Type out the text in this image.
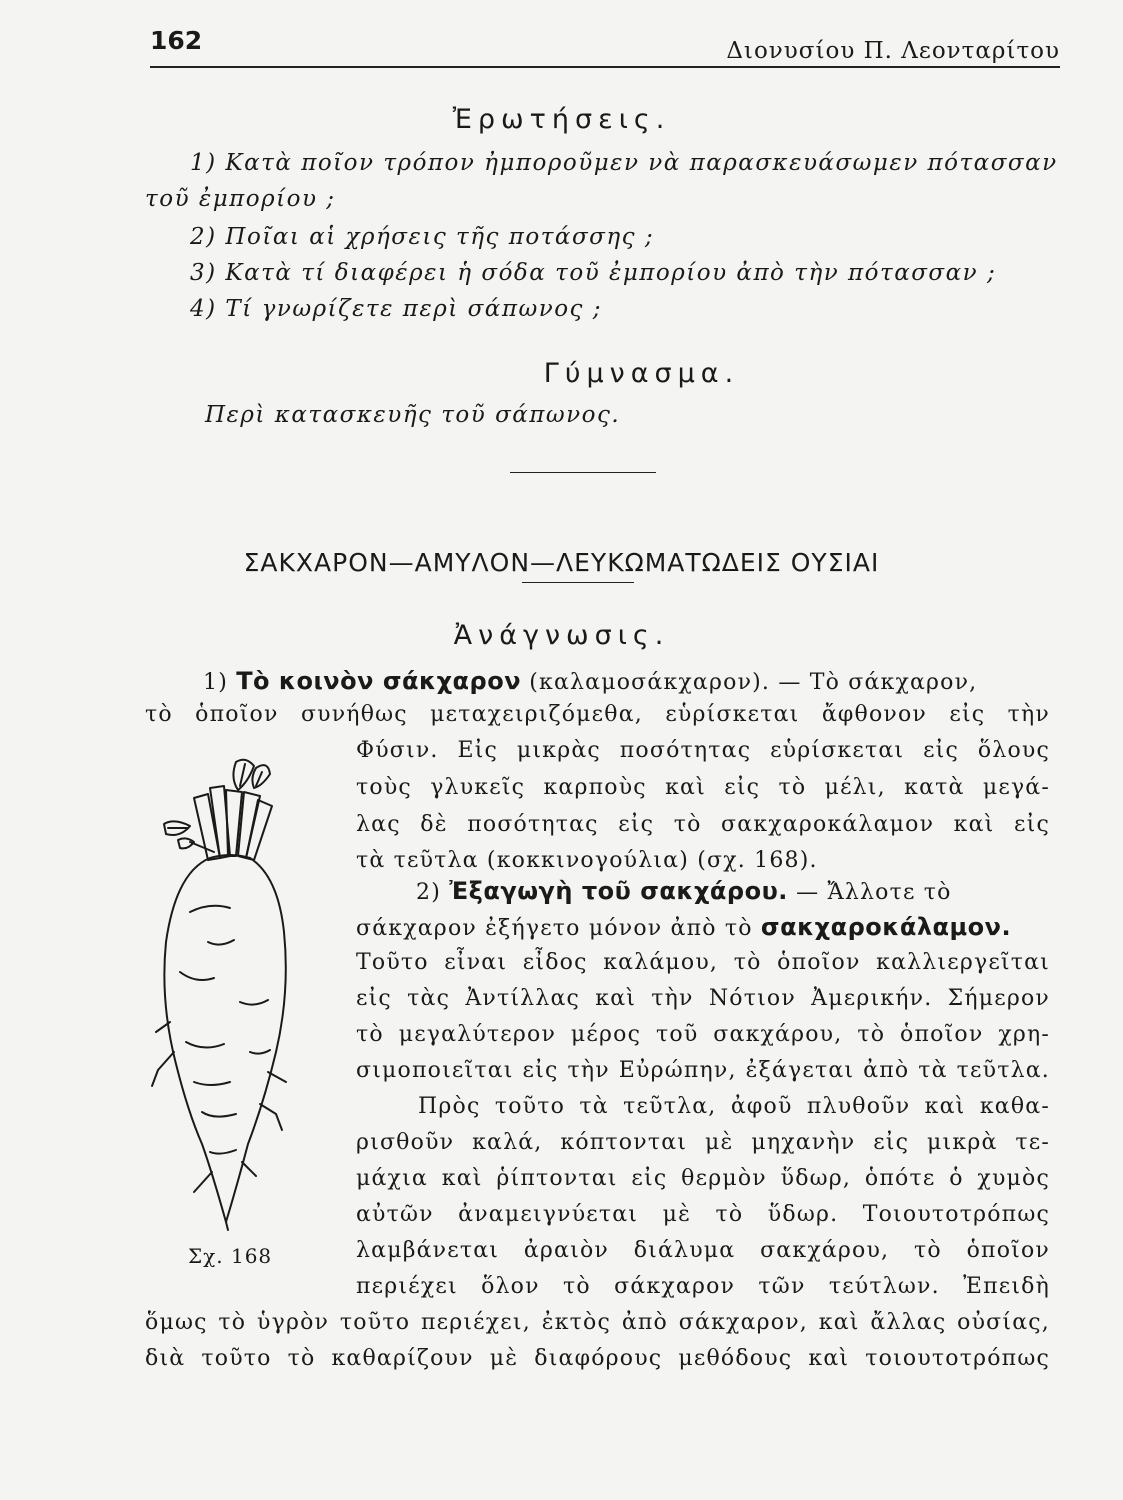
162	Διονυσίου Π. Λεονταρίτου
Ἐρωτήσεις.
1) Κατὰ ποῖον τρόπον ἠμποροῦμεν νὰ παρασκευάσωμεν πότασσαν
τοῦ ἐμπορίου ;
2) Ποῖαι αἱ χρήσεις τῆς ποτάσσης ;
3) Κατὰ τί διαφέρει ἡ σόδα τοῦ ἐμπορίου ἀπὸ τὴν πότασσαν ;
4) Τί γνωρίζετε περὶ σάπωνος ;
Γύμνασμα.
Περὶ κατασκευῆς τοῦ σάπωνος.
ΣΑΚΧΑΡΟΝ—ΑΜΥΛΟΝ—ΛΕΥΚΩΜΑΤΩΔΕΙΣ ΟΥΣΙΑΙ
Ἀνάγνωσις.
1) Τὸ κοινὸν σάκχαρον (καλαμοσάκχαρον). — Τὸ σάκχαρον,
τὸ ὁποῖον συνήθως μεταχειριζόμεθα, εὑρίσκεται ἄφθονον εἰς τὴν
Φύσιν. Εἰς μικρὰς ποσότητας εὑρίσκεται εἰς ὅλους
τοὺς γλυκεῖς καρποὺς καὶ εἰς τὸ μέλι, κατὰ μεγά-
λας δὲ ποσότητας εἰς τὸ σακχαροκάλαμον καὶ εἰς
τὰ τεῦτλα (κοκκινογούλια) (σχ. 168).
2) Ἐξαγωγὴ τοῦ σακχάρου. — Ἄλλοτε τὸ
σάκχαρον ἐξήγετο μόνον ἀπὸ τὸ σακχαροκάλαμον.
Τοῦτο εἶναι εἶδος καλάμου, τὸ ὁποῖον καλλιεργεῖται
εἰς τὰς Ἀντίλλας καὶ τὴν Νότιον Ἀμερικήν. Σήμερον
τὸ μεγαλύτερον μέρος τοῦ σακχάρου, τὸ ὁποῖον χρη-
σιμοποιεῖται εἰς τὴν Εὐρώπην, ἐξάγεται ἀπὸ τὰ τεῦτλα.
Πρὸς τοῦτο τὰ τεῦτλα, ἀφοῦ πλυθοῦν καὶ καθα-
ρισθοῦν καλά, κόπτονται μὲ μηχανὴν εἰς μικρὰ τε-
μάχια καὶ ῥίπτονται εἰς θερμὸν ὕδωρ, ὁπότε ὁ χυμὸς
αὐτῶν ἀναμειγνύεται μὲ τὸ ὕδωρ. Τοιουτοτρόπως
λαμβάνεται ἀραιὸν διάλυμα σακχάρου, τὸ ὁποῖον
περιέχει ὅλον τὸ σάκχαρον τῶν τεύτλων. Ἐπειδὴ
ὅμως τὸ ὑγρὸν τοῦτο περιέχει, ἐκτὸς ἀπὸ σάκχαρον, καὶ ἄλλας οὐσίας,
διὰ τοῦτο τὸ καθαρίζουν μὲ διαφόρους μεθόδους καὶ τοιουτοτρόπως
Σχ. 168
